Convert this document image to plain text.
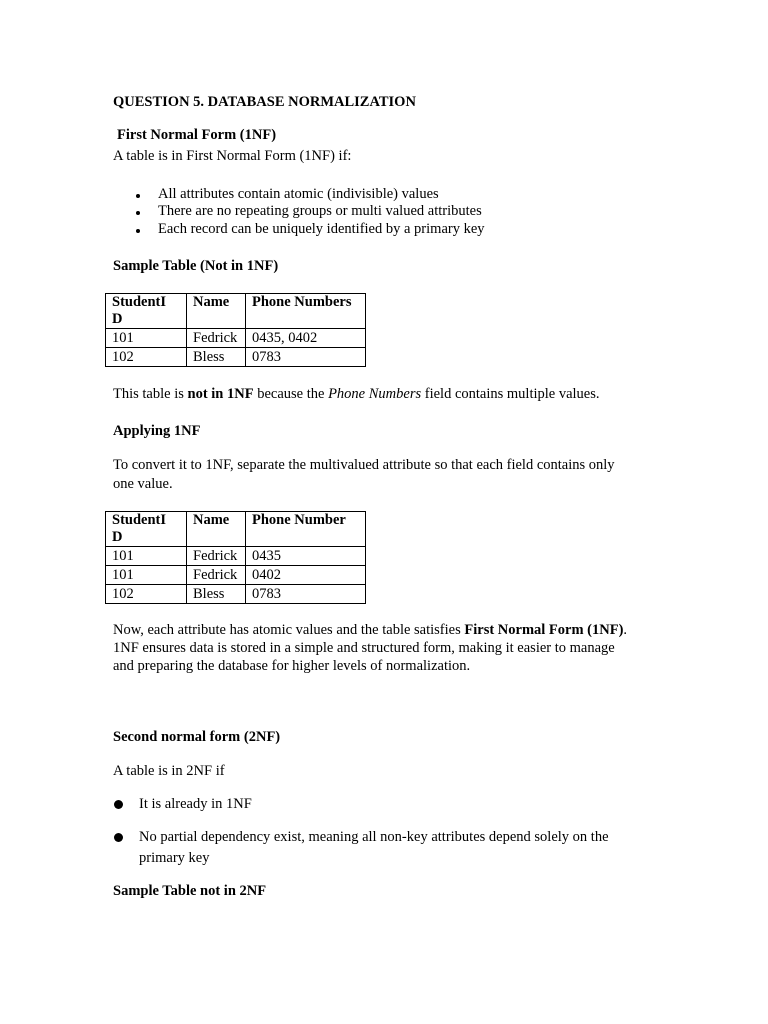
QUESTION 5. DATABASE NORMALIZATION
First Normal Form (1NF)
A table is in First Normal Form (1NF) if:
All attributes contain atomic (indivisible) values
There are no repeating groups or multi valued attributes
Each record can be uniquely identified by a primary key
Sample Table (Not in 1NF)
StudentI
D	Name	Phone Numbers
101	Fedrick	0435, 0402
102	Bless	0783
This table is not in 1NF because the Phone Numbers field contains multiple values.
Applying 1NF
To convert it to 1NF, separate the multivalued attribute so that each field contains only
one value.
StudentI
D	Name	Phone Number
101	Fedrick	0435
101	Fedrick	0402
102	Bless	0783
Now, each attribute has atomic values and the table satisfies First Normal Form (1NF).
1NF ensures data is stored in a simple and structured form, making it easier to manage
and preparing the database for higher levels of normalization.
Second normal form (2NF)
A table is in 2NF if
It is already in 1NF
No partial dependency exist, meaning all non-key attributes depend solely on the
primary key
Sample Table not in 2NF
